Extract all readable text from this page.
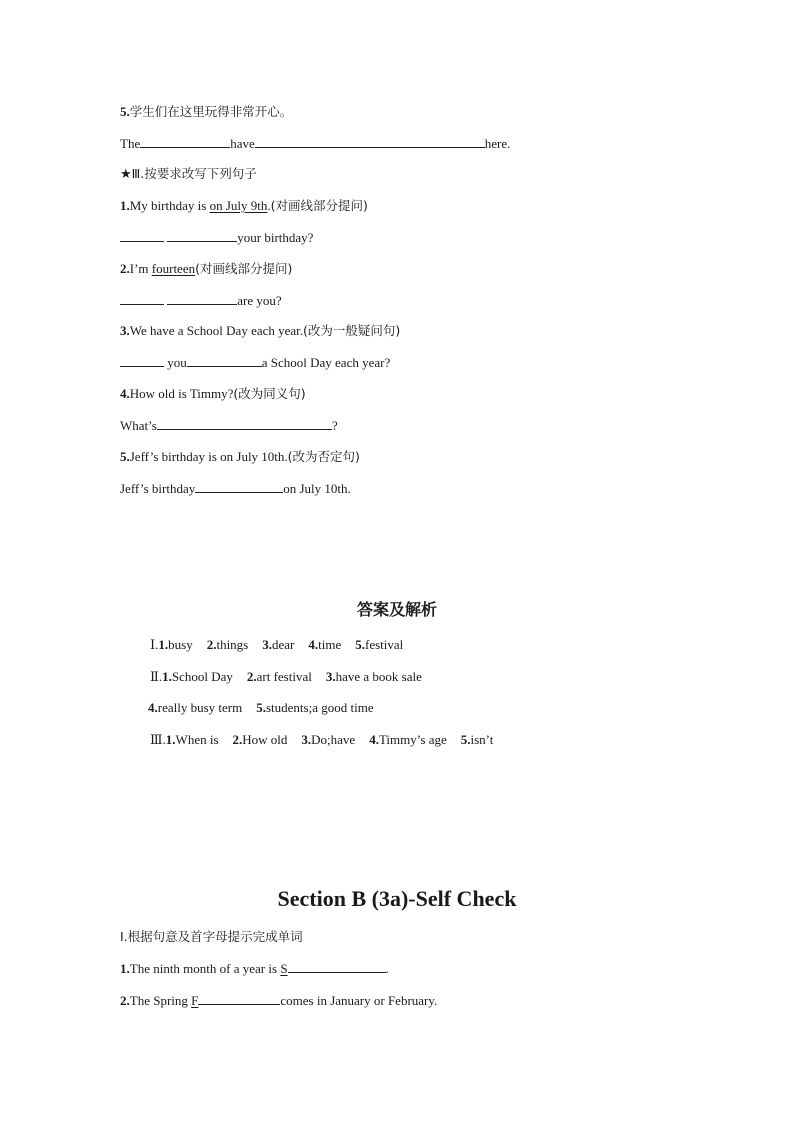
5.学生们在这里玩得非常开心。
The	have	here.
★Ⅲ.按要求改写下列句子
1.My birthday is on July 9th.(对画线部分提问)
your birthday?
2.I’m fourteen(对画线部分提问)
are you?
3.We have a School Day each year.(改为一般疑问句)
you	a School Day each year?
4.How old is Timmy?(改为同义句)
What’s	?
5.Jeff’s birthday is on July 10th.(改为否定句)
Jeff’s birthday	on July 10th.
答案及解析
Ⅰ.1.busy 2.things 3.dear 4.time 5.festival
Ⅱ.1.School Day 2.art festival 3.have a book sale
4.really busy term 5.students;a good time
Ⅲ.1.When is 2.How old 3.Do;have 4.Timmy’s age 5.isn’t
Section B (3a)-Self Check
Ⅰ.根据句意及首字母提示完成单词
1.The ninth month of a year is S	.
2.The Spring F	comes in January or February.
